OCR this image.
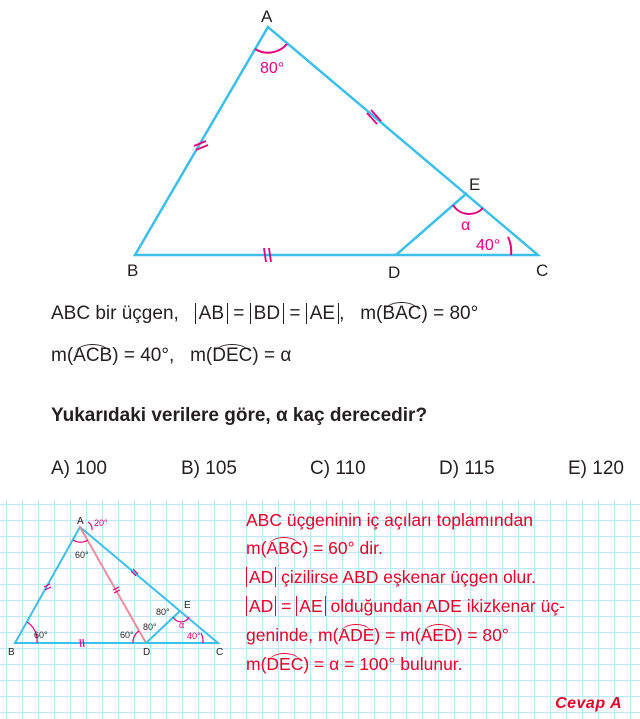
A
B	C
D
E
80°
40°
α
ABC bir üçgen, AB = BD = AE , m(BAC) = 80°
m(ACB) = 40°, m(DEC) = α
Yukarıdaki verilere göre, α kaç derecedir?
A) 100	B) 105	C) 110	D) 115	E) 120
A
B	C
D
E
20°
60°
60°	60°
80°
80°
α
40°
ABC üçgeninin iç açıları toplamından
m(ABC) = 60° dir.
AD çizilirse ABD eşkenar üçgen olur.
AD = AE olduğundan ADE ikizkenar üç-
geninde, m(ADE) = m(AED) = 80°
m(DEC) = α = 100° bulunur.
Cevap A
